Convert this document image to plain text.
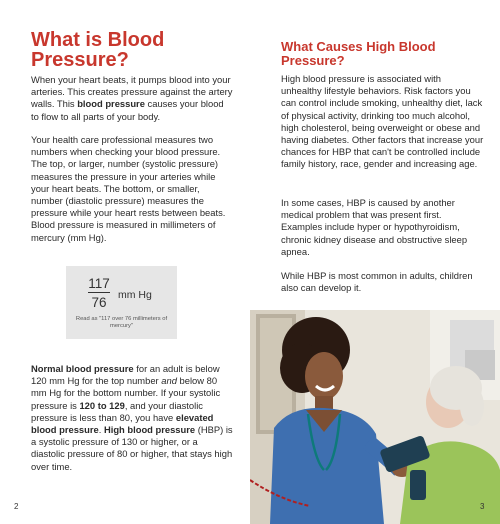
What is Blood Pressure?

When your heart beats, it pumps blood into your arteries. This creates pressure against the artery walls. This blood pressure causes your blood to flow to all parts of your body.

Your health care professional measures two numbers when checking your blood pressure. The top, or larger, number (systolic pressure) measures the pressure in your arteries while your heart beats. The bottom, or smaller, number (diastolic pressure) measures the pressure while your heart rests between beats. Blood pressure is measured in millimeters of mercury (mm Hg).

117
76	mm Hg
Read as "117 over 76 millimeters of mercury"

Normal blood pressure for an adult is below 120 mm Hg for the top number and below 80 mm Hg for the bottom number. If your systolic pressure is 120 to 129, and your diastolic pressure is less than 80, you have elevated blood pressure. High blood pressure (HBP) is a systolic pressure of 130 or higher, or a diastolic pressure of 80 or higher, that stays high over time.

2
What Causes High Blood Pressure?

High blood pressure is associated with unhealthy lifestyle behaviors. Risk factors you can control include smoking, unhealthy diet, lack of physical activity, drinking too much alcohol, high cholesterol, being overweight or obese and having diabetes. Other factors that increase your chances for HBP that can't be controlled include family history, race, gender and increasing age.

In some cases, HBP is caused by another medical problem that was present first. Examples include hyper or hypothyroidism, chronic kidney disease and obstructive sleep apnea.

While HBP is most common in adults, children also can develop it.

3
